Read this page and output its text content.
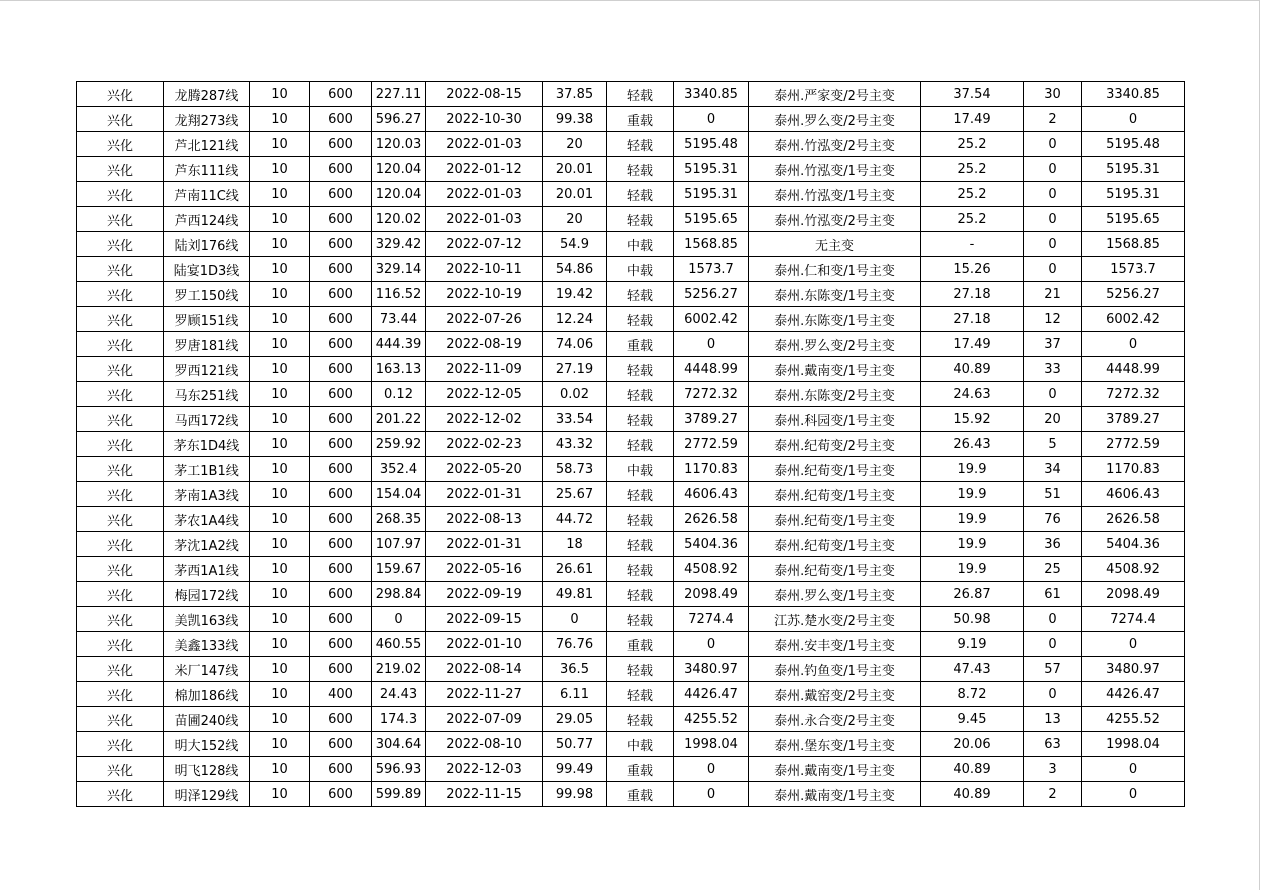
兴化	龙腾287线	10	600	227.11	2022-08-15	37.85	轻载	3340.85	泰州.严家变/2号主变	37.54	30	3340.85
兴化	龙翔273线	10	600	596.27	2022-10-30	99.38	重载	0	泰州.罗么变/2号主变	17.49	2	0
兴化	芦北121线	10	600	120.03	2022-01-03	20	轻载	5195.48	泰州.竹泓变/2号主变	25.2	0	5195.48
兴化	芦东111线	10	600	120.04	2022-01-12	20.01	轻载	5195.31	泰州.竹泓变/1号主变	25.2	0	5195.31
兴化	芦南11C线	10	600	120.04	2022-01-03	20.01	轻载	5195.31	泰州.竹泓变/1号主变	25.2	0	5195.31
兴化	芦西124线	10	600	120.02	2022-01-03	20	轻载	5195.65	泰州.竹泓变/2号主变	25.2	0	5195.65
兴化	陆刘176线	10	600	329.42	2022-07-12	54.9	中载	1568.85	无主变	-	0	1568.85
兴化	陆宴1D3线	10	600	329.14	2022-10-11	54.86	中载	1573.7	泰州.仁和变/1号主变	15.26	0	1573.7
兴化	罗工150线	10	600	116.52	2022-10-19	19.42	轻载	5256.27	泰州.东陈变/1号主变	27.18	21	5256.27
兴化	罗顾151线	10	600	73.44	2022-07-26	12.24	轻载	6002.42	泰州.东陈变/1号主变	27.18	12	6002.42
兴化	罗唐181线	10	600	444.39	2022-08-19	74.06	重载	0	泰州.罗么变/2号主变	17.49	37	0
兴化	罗西121线	10	600	163.13	2022-11-09	27.19	轻载	4448.99	泰州.戴南变/1号主变	40.89	33	4448.99
兴化	马东251线	10	600	0.12	2022-12-05	0.02	轻载	7272.32	泰州.东陈变/2号主变	24.63	0	7272.32
兴化	马西172线	10	600	201.22	2022-12-02	33.54	轻载	3789.27	泰州.科园变/1号主变	15.92	20	3789.27
兴化	茅东1D4线	10	600	259.92	2022-02-23	43.32	轻载	2772.59	泰州.纪荀变/2号主变	26.43	5	2772.59
兴化	茅工1B1线	10	600	352.4	2022-05-20	58.73	中载	1170.83	泰州.纪荀变/1号主变	19.9	34	1170.83
兴化	茅南1A3线	10	600	154.04	2022-01-31	25.67	轻载	4606.43	泰州.纪荀变/1号主变	19.9	51	4606.43
兴化	茅农1A4线	10	600	268.35	2022-08-13	44.72	轻载	2626.58	泰州.纪荀变/1号主变	19.9	76	2626.58
兴化	茅沈1A2线	10	600	107.97	2022-01-31	18	轻载	5404.36	泰州.纪荀变/1号主变	19.9	36	5404.36
兴化	茅西1A1线	10	600	159.67	2022-05-16	26.61	轻载	4508.92	泰州.纪荀变/1号主变	19.9	25	4508.92
兴化	梅园172线	10	600	298.84	2022-09-19	49.81	轻载	2098.49	泰州.罗么变/1号主变	26.87	61	2098.49
兴化	美凯163线	10	600	0	2022-09-15	0	轻载	7274.4	江苏.楚水变/2号主变	50.98	0	7274.4
兴化	美鑫133线	10	600	460.55	2022-01-10	76.76	重载	0	泰州.安丰变/1号主变	9.19	0	0
兴化	米厂147线	10	600	219.02	2022-08-14	36.5	轻载	3480.97	泰州.钓鱼变/1号主变	47.43	57	3480.97
兴化	棉加186线	10	400	24.43	2022-11-27	6.11	轻载	4426.47	泰州.戴窑变/2号主变	8.72	0	4426.47
兴化	苗圃240线	10	600	174.3	2022-07-09	29.05	轻载	4255.52	泰州.永合变/2号主变	9.45	13	4255.52
兴化	明大152线	10	600	304.64	2022-08-10	50.77	中载	1998.04	泰州.堡东变/1号主变	20.06	63	1998.04
兴化	明飞128线	10	600	596.93	2022-12-03	99.49	重载	0	泰州.戴南变/1号主变	40.89	3	0
兴化	明泽129线	10	600	599.89	2022-11-15	99.98	重载	0	泰州.戴南变/1号主变	40.89	2	0
